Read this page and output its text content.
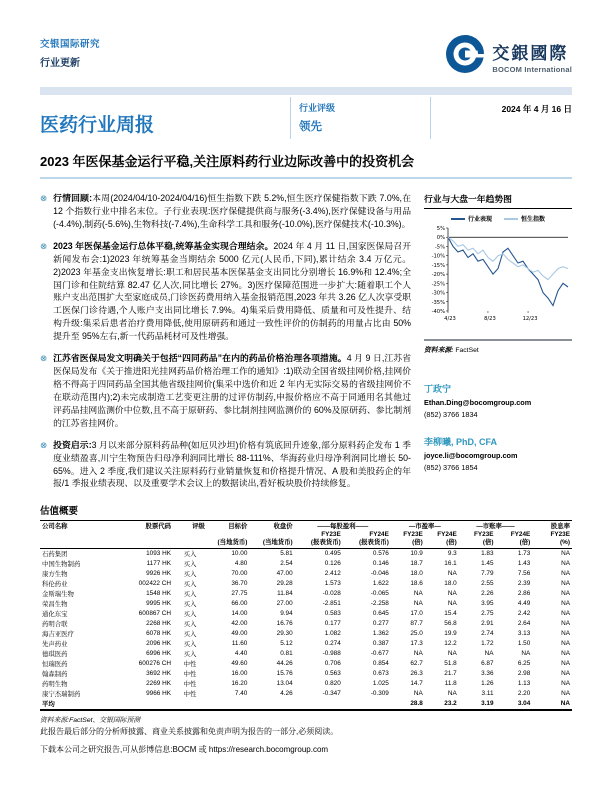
交银国际研究
行业更新
交銀國際
BOCOM International
医药行业周报
行业评级
领先
2024 年 4 月 16 日
2023 年医保基金运行平稳,关注原料药行业边际改善中的投资机会
⊗ 行情回顾:本周(2024/04/10-2024/04/16)恒生指数下跌 5.2%,恒生医疗保健指数下跌 7.0%,在 12 个指数行业中排名末位。子行业表现:医疗保健提供商与服务(-3.4%),医疗保健设备与用品(-4.4%),制药(-5.6%),生物科技(-7.4%),生命科学工具和服务(-10.0%),医疗保健技术(-10.3%)。
⊗ 2023 年医保基金运行总体平稳,统筹基金实现合理结余。2024 年 4 月 11 日,国家医保局召开新闻发布会:1)2023 年统筹基金当期结余 5000 亿元(人民币,下同),累计结余 3.4 万亿元。2)2023 年基金支出恢复增长:职工和居民基本医保基金支出同比分别增长 16.9%和 12.4%;全国门诊和住院结算 82.47 亿人次,同比增长 27%。3)医疗保障范围进一步扩大:随着职工个人账户支出范围扩大至家庭成员,门诊医药费用纳入基金报销范围,2023 年共 3.26 亿人次享受职工医保门诊待遇,个人账户支出同比增长 7.9%。4)集采后费用降低、质量和可及性提升、结构升级:集采后患者治疗费用降低,使用原研药和通过一致性评价的仿制药的用量占比由 50%提升至 95%左右,新一代药品耗材可及性增强。
⊗ 江苏省医保局发文明确关于包括“四同药品”在内的药品价格治理各项措施。4 月 9 日,江苏省医保局发布《关于推进阳光挂网药品价格治理工作的通知》:1)联动全国省级挂网价格,挂网价格不得高于四同药品全国其他省级挂网价(集采中选价和近 2 年内无实际交易的省级挂网价不在联动范围内);2)未完成制造工艺变更注册的过评仿制药,申报价格应不高于同通用名其他过评药品挂网监测价中位数,且不高于原研药、参比制剂挂网监测价的 60%及原研药、参比制剂的江苏省挂网价。
⊗ 投资启示:3 月以来部分原料药品种(如厄贝沙坦)价格有筑底回升迹象,部分原料药企发布 1 季度业绩盈喜,川宁生物预告归母净利润同比增长 88-111%、华海药业归母净利润同比增长 50-65%。进入 2 季度,我们建议关注原料药行业销量恢复和价格提升情况、A 股和美股药企的年报/1 季报业绩表现、以及重要学术会议上的数据读出,看好板块股价持续修复。
行业与大盘一年趋势图
行业表现	恒生指数
5%
0%
-5%
-10%
-15%
-20%
-25%
-30%
-35%
-40%
4/23	8/23	12/23
资料来源: FactSet
丁政宁
Ethan.Ding@bocomgroup.com
(852) 3766 1834
李柳曦, PhD, CFA
joyce.li@bocomgroup.com
(852) 3766 1854
估值概要
公司名称	股票代码	评级	目标价	收盘价	——每股盈利——		—市盈率—		—市账率——		股息率
					FY23E	FY24E	FY23E	FY24E	FY23E	FY24E	FY23E
			(当地货币)	(当地货币)	(报表货币)	(报表货币)	(倍)	(倍)	(倍)	(倍)	(%)
石药集团	1093 HK	买入	10.00	5.81	0.495	0.576	10.9	9.3	1.83	1.73	NA
中国生物制药	1177 HK	买入	4.80	2.54	0.126	0.146	18.7	16.1	1.45	1.43	NA
康方生物	9926 HK	买入	70.00	47.00	2.412	-0.046	18.0	NA	7.79	7.56	NA
科伦药业	002422 CH	买入	36.70	29.28	1.573	1.622	18.6	18.0	2.55	2.39	NA
金斯瑞生物	1548 HK	买入	27.75	11.84	-0.028	-0.065	NA	NA	2.26	2.86	NA
荣昌生物	9995 HK	买入	66.00	27.00	-2.851	-2.258	NA	NA	3.95	4.49	NA
通化东宝	600867 CH	买入	14.00	9.94	0.583	0.645	17.0	15.4	2.75	2.42	NA
药明合联	2268 HK	买入	42.00	16.76	0.177	0.277	87.7	56.8	2.91	2.64	NA
海吉亚医疗	6078 HK	买入	49.00	29.30	1.082	1.362	25.0	19.9	2.74	3.13	NA
先声药业	2096 HK	买入	11.60	5.12	0.274	0.387	17.3	12.2	1.72	1.50	NA
德琪医药	6996 HK	买入	4.40	0.81	-0.988	-0.677	NA	NA	NA	NA	NA
恒瑞医药	600276 CH	中性	49.60	44.26	0.706	0.854	62.7	51.8	6.87	6.25	NA
翰森制药	3692 HK	中性	16.00	15.76	0.563	0.673	26.3	21.7	3.36	2.98	NA
药明生物	2269 HK	中性	16.20	13.04	0.820	1.025	14.7	11.8	1.26	1.13	NA
康宁杰瑞制药	9966 HK	中性	7.40	4.26	-0.347	-0.309	NA	NA	3.11	2.20	NA
平均							28.8	23.2	3.19	3.04	NA
资料来源:FactSet、交银国际预测
此报告最后部分的分析师披露、商业关系披露和免责声明为报告的一部分,必须阅读。
下载本公司之研究报告,可从彭博信息:BOCM 或 https://research.bocomgroup.com
